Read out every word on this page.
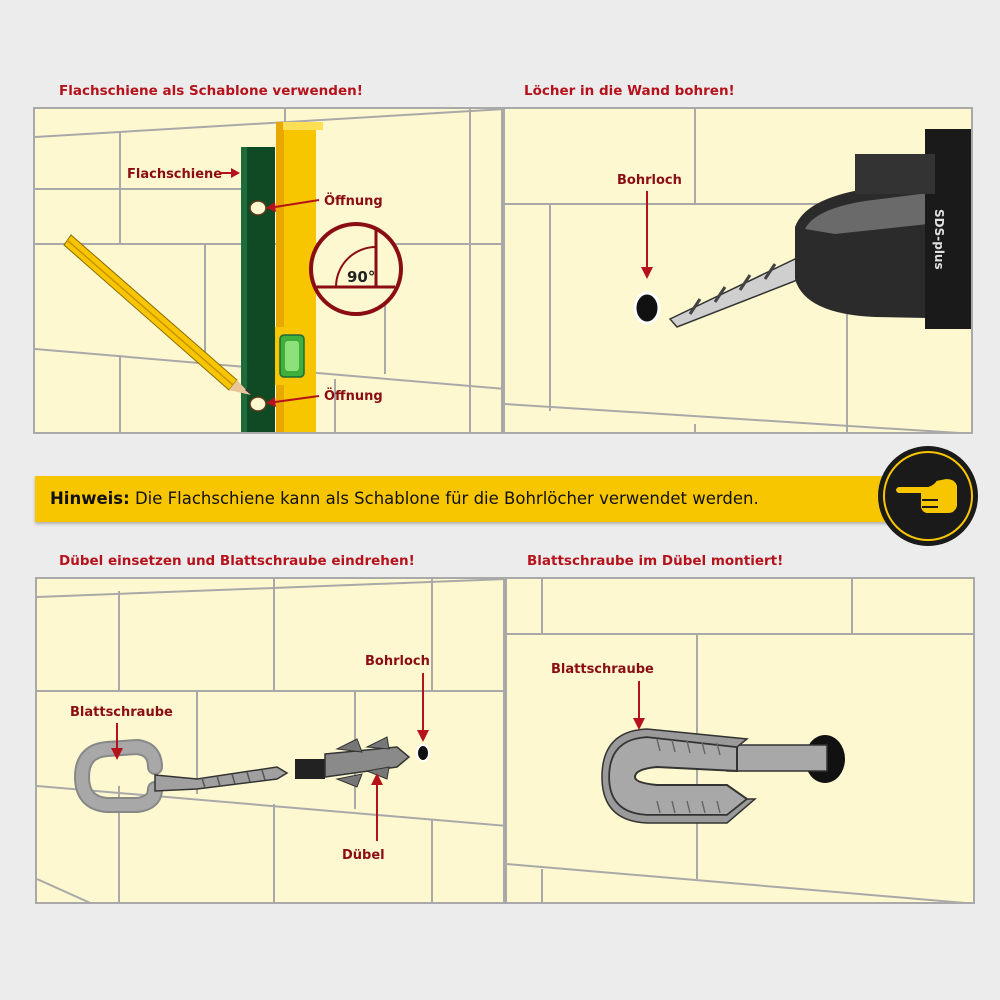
Flachschiene als Schablone verwenden!	Löcher in die Wand bohren!
Dübel einsetzen und Blattschraube eindrehen!	Blattschraube im Dübel montiert!
90°
Flachschiene
Öffnung
Öffnung
SDS-plus
Bohrloch
Hinweis: Die Flachschiene kann als Schablone für die Bohrlöcher verwendet werden.
Bohrloch
Blattschraube
Dübel
Blattschraube
